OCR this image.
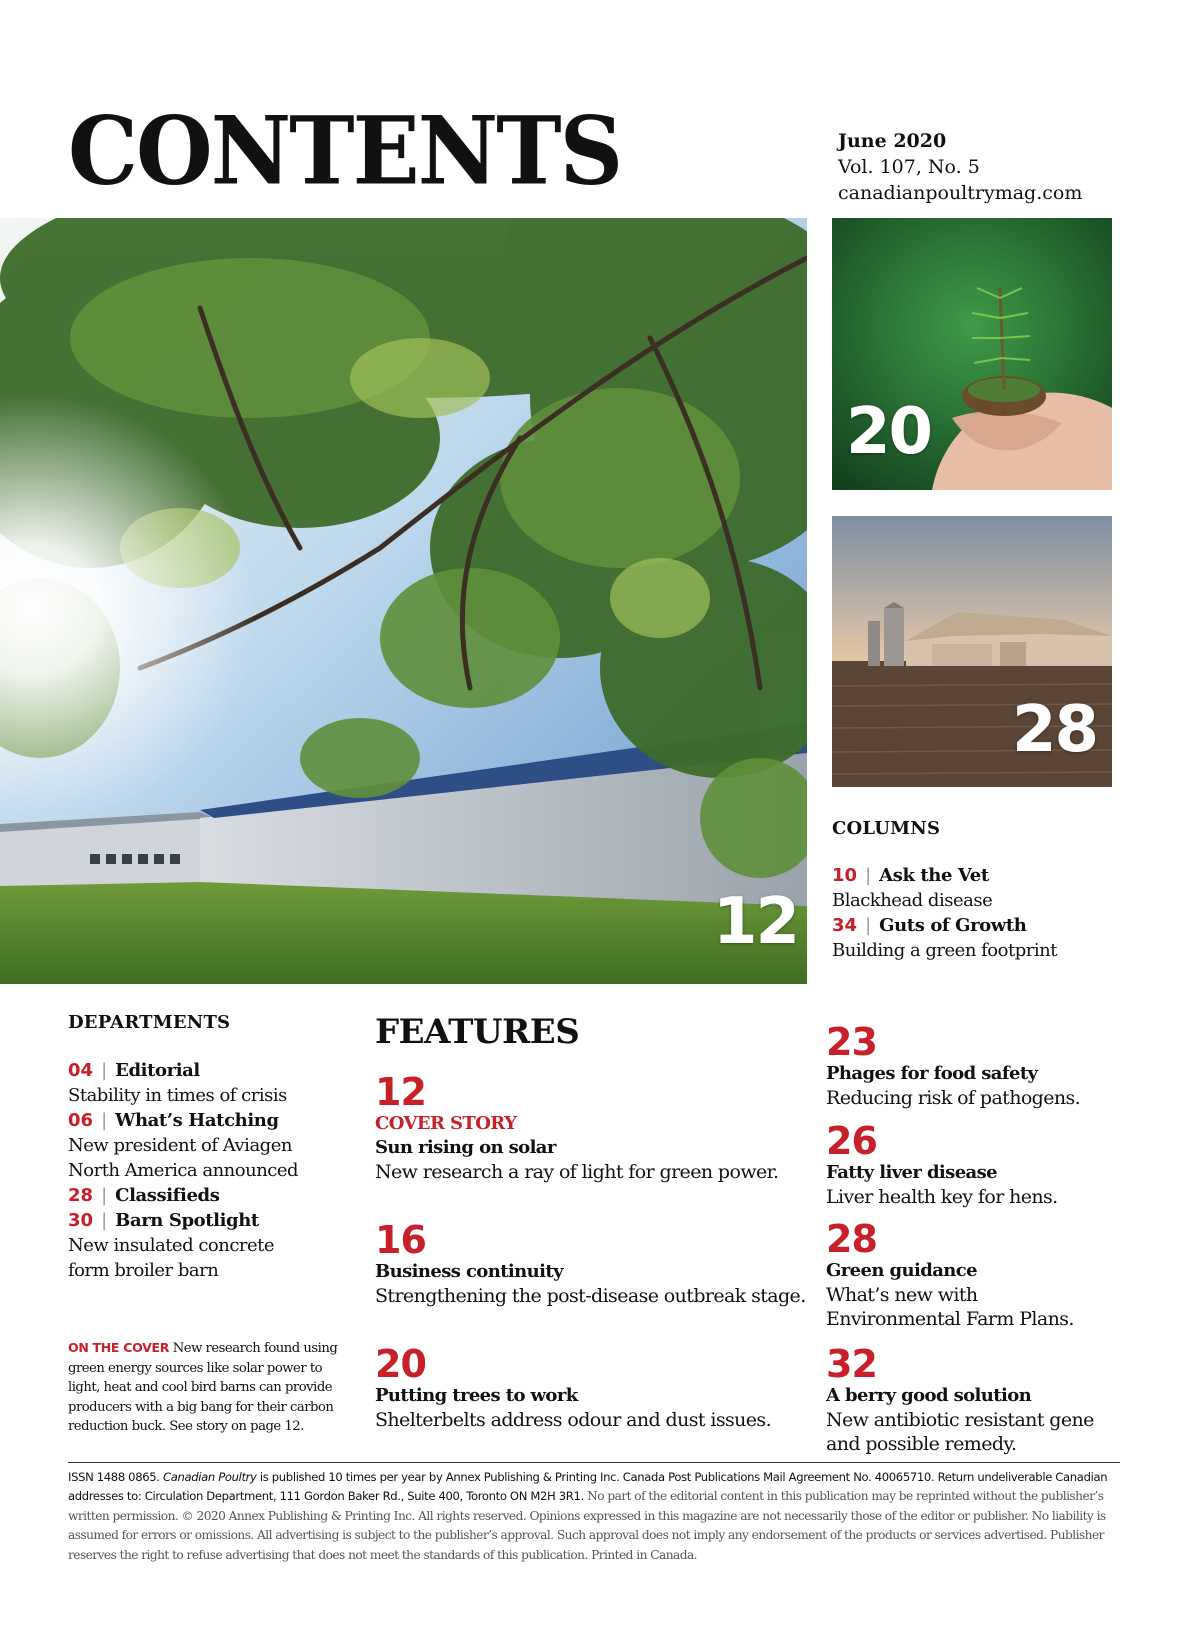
CONTENTS	June 2020
Vol. 107, No. 5
canadianpoultrymag.com
12
20
28
COLUMNS
10 | Ask the Vet
Blackhead disease
34 | Guts of Growth
Building a green footprint
DEPARTMENTS
04 | Editorial
Stability in times of crisis
06 | What’s Hatching
New president of Aviagen North America announced
28 | Classifieds
30 | Barn Spotlight
New insulated concrete form broiler barn
ON THE COVER New research found using green energy sources like solar power to light, heat and cool bird barns can provide producers with a big bang for their carbon reduction buck. See story on page 12.
FEATURES
12
COVER STORY
Sun rising on solar
New research a ray of light for green power.
16
Business continuity
Strengthening the post-disease outbreak stage.
20
Putting trees to work
Shelterbelts address odour and dust issues.
23
Phages for food safety
Reducing risk of pathogens.
26
Fatty liver disease
Liver health key for hens.
28
Green guidance
What’s new with Environmental Farm Plans.
32
A berry good solution
New antibiotic resistant gene and possible remedy.
ISSN 1488 0865. Canadian Poultry is published 10 times per year by Annex Publishing & Printing Inc. Canada Post Publications Mail Agreement No. 40065710. Return undeliverable Canadian addresses to: Circulation Department, 111 Gordon Baker Rd., Suite 400, Toronto ON M2H 3R1. No part of the editorial content in this publication may be reprinted without the publisher’s written permission. © 2020 Annex Publishing & Printing Inc. All rights reserved. Opinions expressed in this magazine are not necessarily those of the editor or publisher. No liability is assumed for errors or omissions. All advertising is subject to the publisher’s approval. Such approval does not imply any endorsement of the products or services advertised. Publisher reserves the right to refuse advertising that does not meet the standards of this publication. Printed in Canada.
